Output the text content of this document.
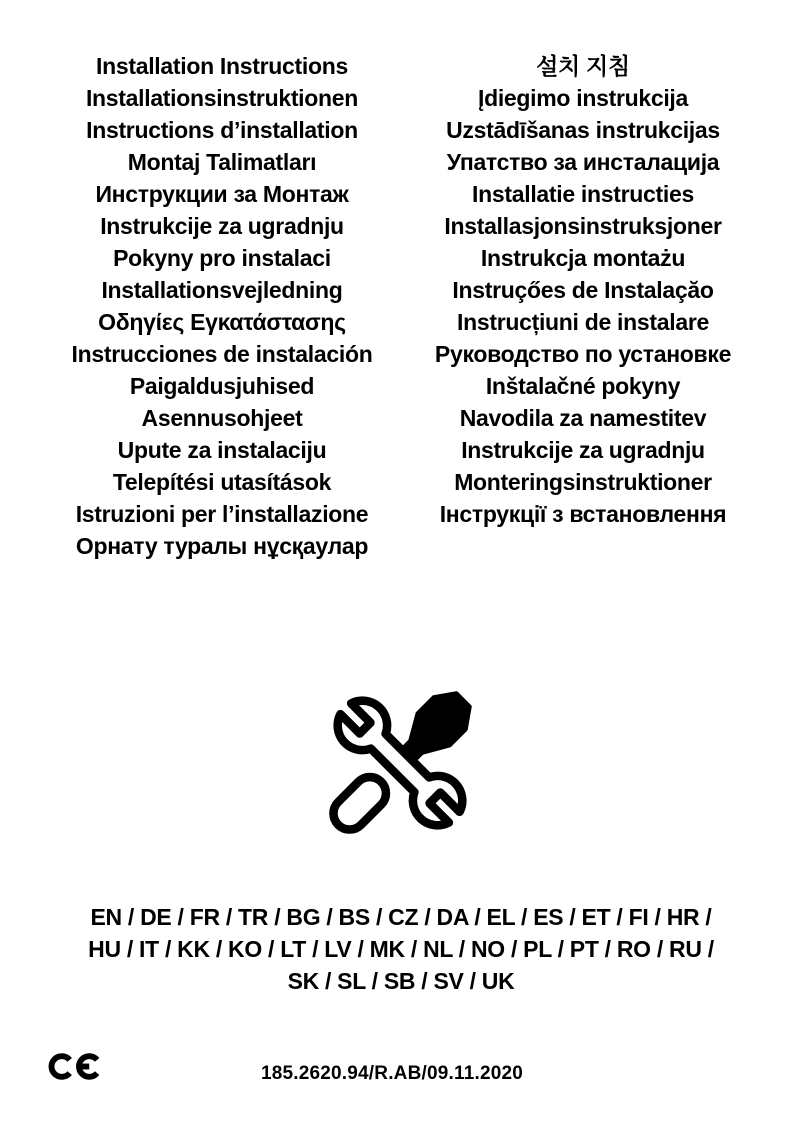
Installation Instructions
Installationsinstruktionen
Instructions d’installation
Montaj Talimatları
Инструкции за Монтаж
Instrukcije za ugradnju
Pokyny pro instalaci
Installationsvejledning
Οδηγίες Εγκατάστασης
Instrucciones de instalación
Paigaldusjuhised
Asennusohjeet
Upute za instalaciju
Telepítési utasítások
Istruzioni per l’installazione
Орнату туралы нұсқаулар
설치 지침
Įdiegimo instrukcija
Uzstādīšanas instrukcijas
Упатство за инсталација
Installatie instructies
Installasjonsinstruksjoner
Instrukcja montażu
Instruçőes de Instalaçăo
Instrucțiuni de instalare
Руководство по установке
Inštalačné pokyny
Navodila za namestitev
Instrukcije za ugradnju
Monteringsinstruktioner
Інструкції з встановлення
EN / DE / FR / TR / BG / BS / CZ / DA / EL / ES / ET / FI / HR /
HU / IT / KK / KO / LT / LV / MK / NL / NO / PL / PT / RO / RU /
SK / SL / SB / SV / UK
185.2620.94/R.AB/09.11.2020
